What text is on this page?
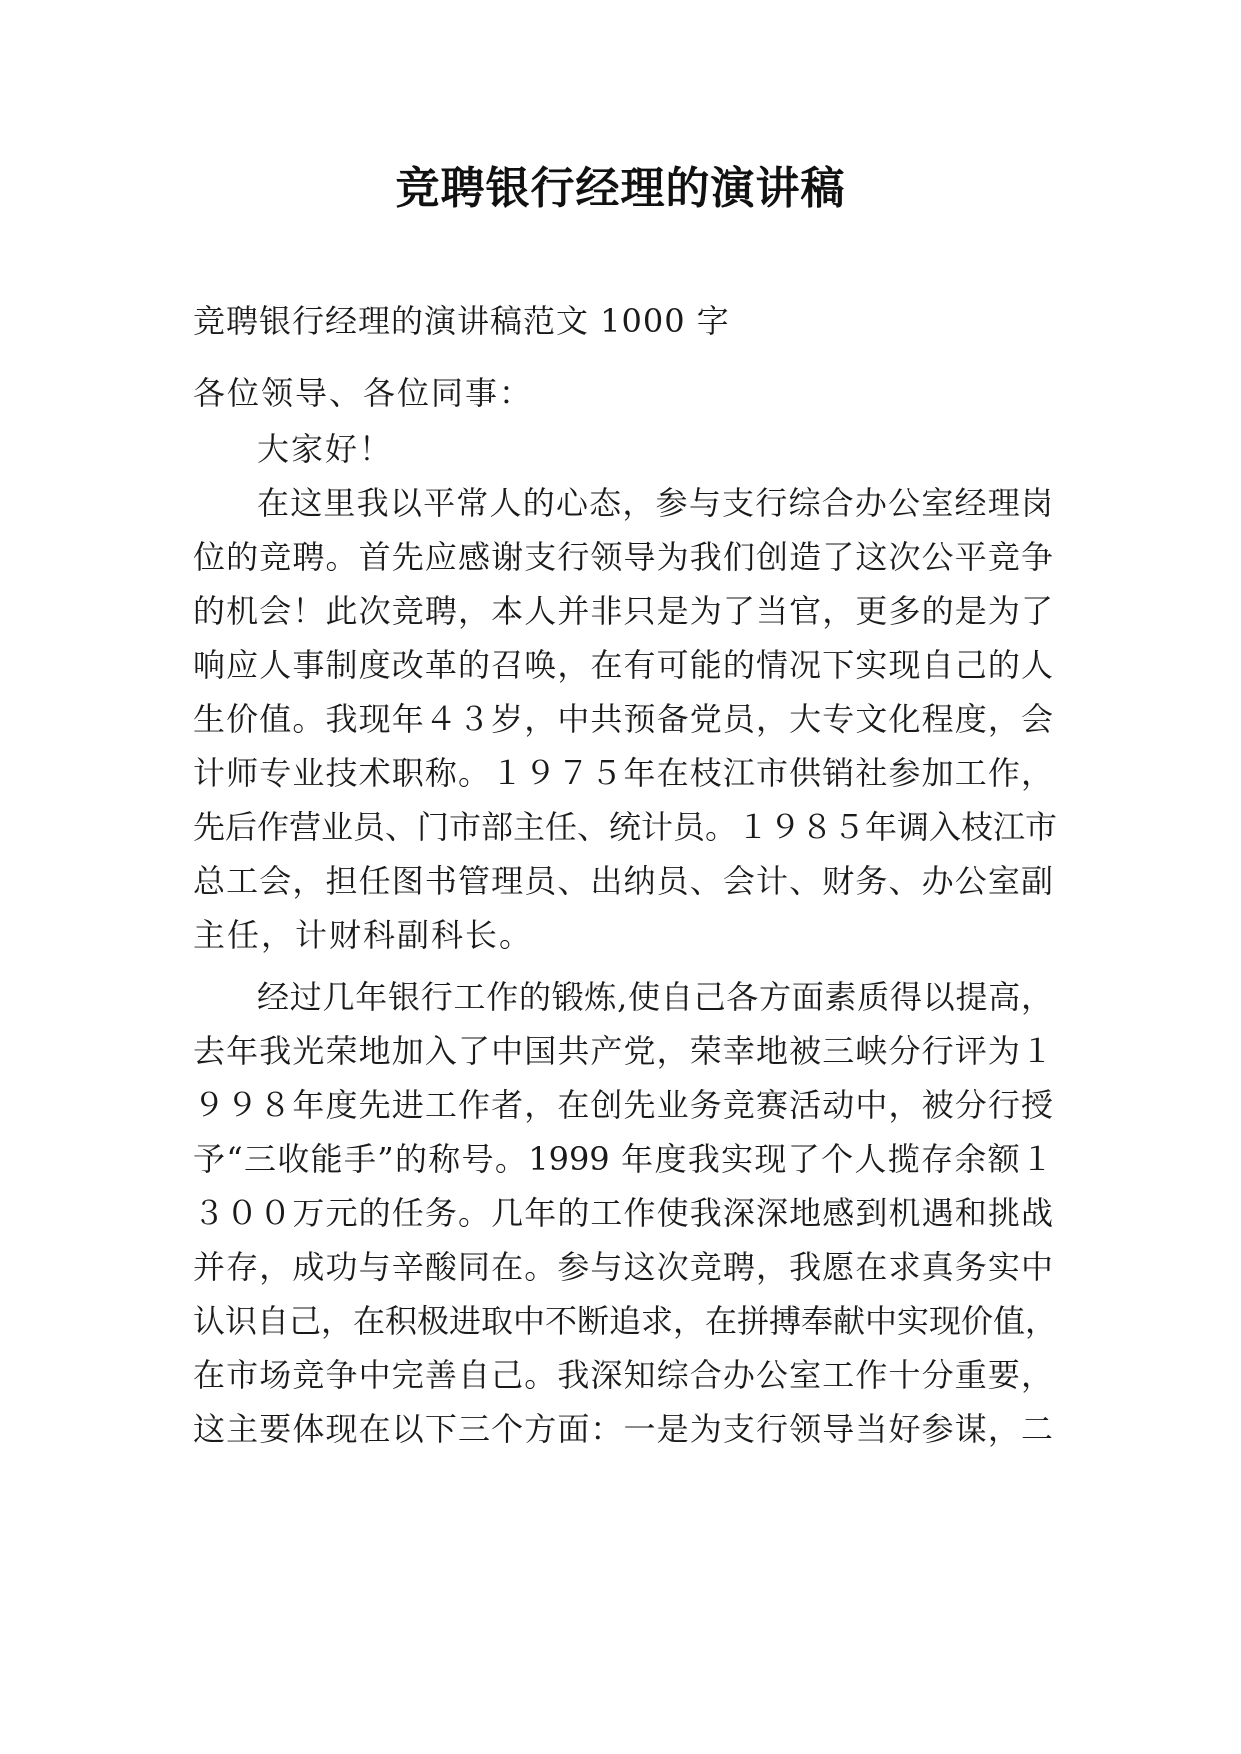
竞聘银行经理的演讲稿
竞聘银行经理的演讲稿范文 1000 字
各位领导、各位同事：
大家好！
在这里我以平常人的心态，参与支行综合办公室经理岗
位的竞聘。首先应感谢支行领导为我们创造了这次公平竞争
的机会！此次竞聘，本人并非只是为了当官，更多的是为了
响应人事制度改革的召唤，在有可能的情况下实现自己的人
生价值。我现年４３岁，中共预备党员，大专文化程度，会
计师专业技术职称。１９７５年在枝江市供销社参加工作，
先后作营业员、门市部主任、统计员。１９８５年调入枝江市
总工会，担任图书管理员、出纳员、会计、财务、办公室副
主任，计财科副科长。
经过几年银行工作的锻炼,使自己各方面素质得以提高，
去年我光荣地加入了中国共产党，荣幸地被三峡分行评为１
９９８年度先进工作者，在创先业务竞赛活动中，被分行授
予“三收能手”的称号。1999 年度我实现了个人揽存余额１
３００万元的任务。几年的工作使我深深地感到机遇和挑战
并存，成功与辛酸同在。参与这次竞聘，我愿在求真务实中
认识自己，在积极进取中不断追求，在拼搏奉献中实现价值，
在市场竞争中完善自己。我深知综合办公室工作十分重要，
这主要体现在以下三个方面：一是为支行领导当好参谋，二
